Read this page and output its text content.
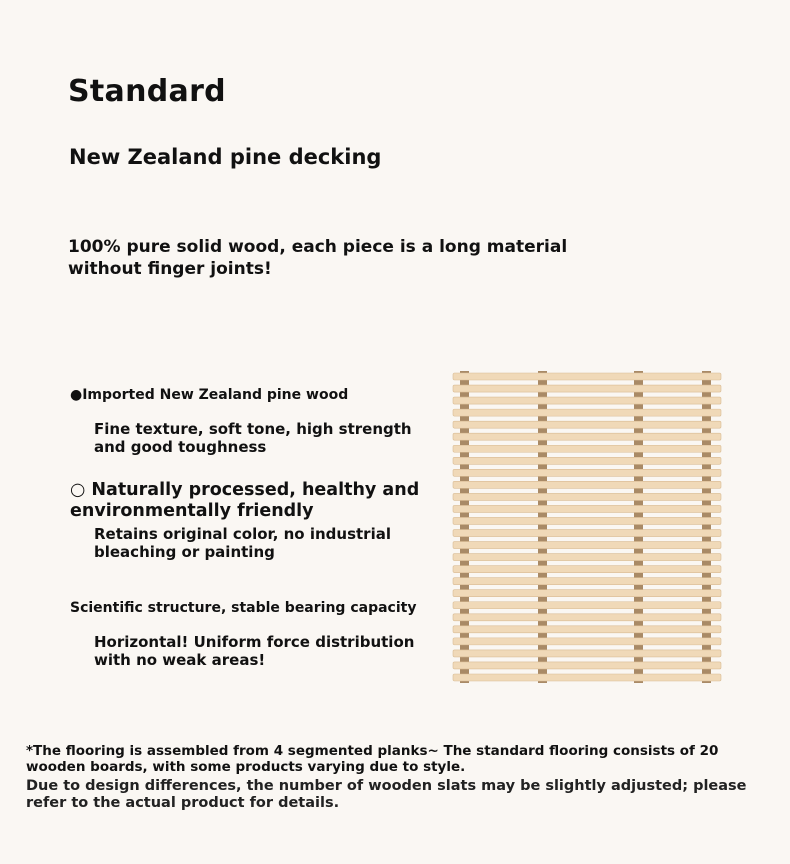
Standard
New Zealand pine decking
100% pure solid wood, each piece is a long material without finger joints!
●Imported New Zealand pine wood
Fine texture, soft tone, high strength and good toughness
○ Naturally processed, healthy and environmentally friendly
Retains original color, no industrial bleaching or painting
Scientific structure, stable bearing capacity
Horizontal! Uniform force distribution with no weak areas!
*The flooring is assembled from 4 segmented planks~ The standard flooring consists of 20 wooden boards, with some products varying due to style.
Due to design differences, the number of wooden slats may be slightly adjusted; please refer to the actual product for details.
